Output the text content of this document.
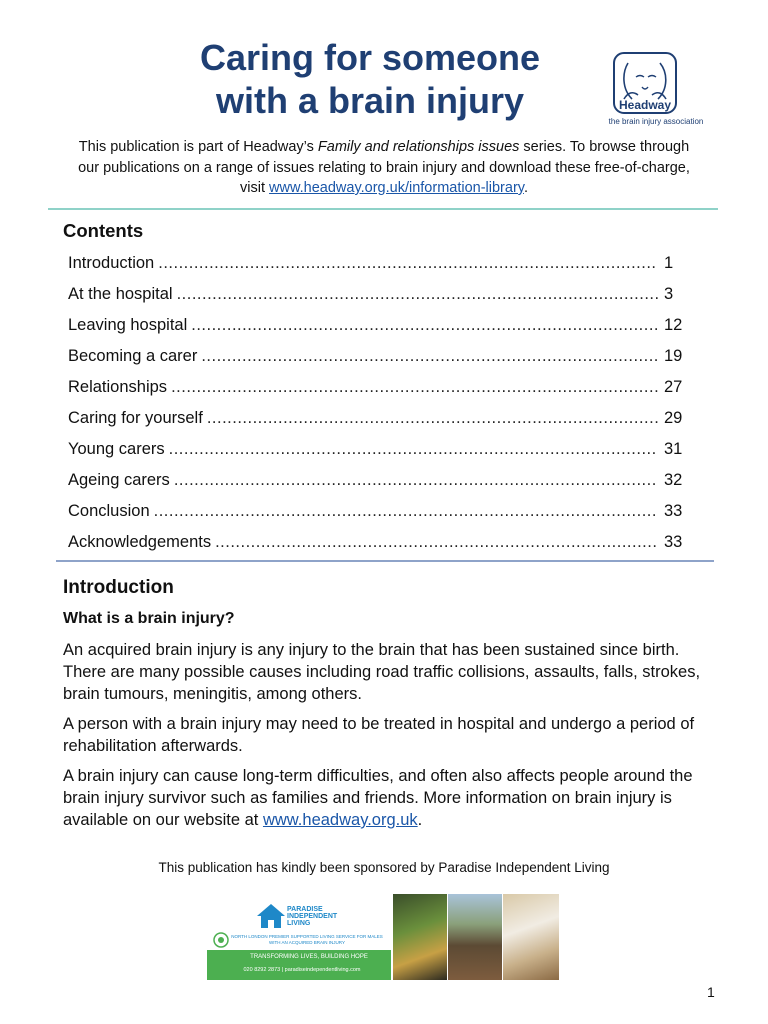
Caring for someone
with a brain injury	Headway
the brain injury association

This publication is part of Headway’s Family and relationships issues series. To browse through our publications on a range of issues relating to brain injury and download these free-of-charge, visit www.headway.org.uk/information-library.

Contents
Introduction .....	1
At the hospital .....	3
Leaving hospital .....	12
Becoming a carer .....	19
Relationships .....	27
Caring for yourself .....	29
Young carers .....	31
Ageing carers .....	32
Conclusion .....	33
Acknowledgements .....	33
Introduction
What is a brain injury?

An acquired brain injury is any injury to the brain that has been sustained since birth. There are many possible causes including road traffic collisions, assaults, falls, strokes, brain tumours, meningitis, among others.

A person with a brain injury may need to be treated in hospital and undergo a period of rehabilitation afterwards.

A brain injury can cause long-term difficulties, and often also affects people around the brain injury survivor such as families and friends. More information on brain injury is available on our website at www.headway.org.uk.

This publication has kindly been sponsored by Paradise Independent Living

PARADISE
INDEPENDENT
LIVING
NORTH LONDON PREMIER SUPPORTED LIVING SERVICE FOR MALES WITH AN ACQUIRED BRAIN INJURY
TRANSFORMING LIVES, BUILDING HOPE
020 8292 2873 | paradiseindependentliving.com

1
